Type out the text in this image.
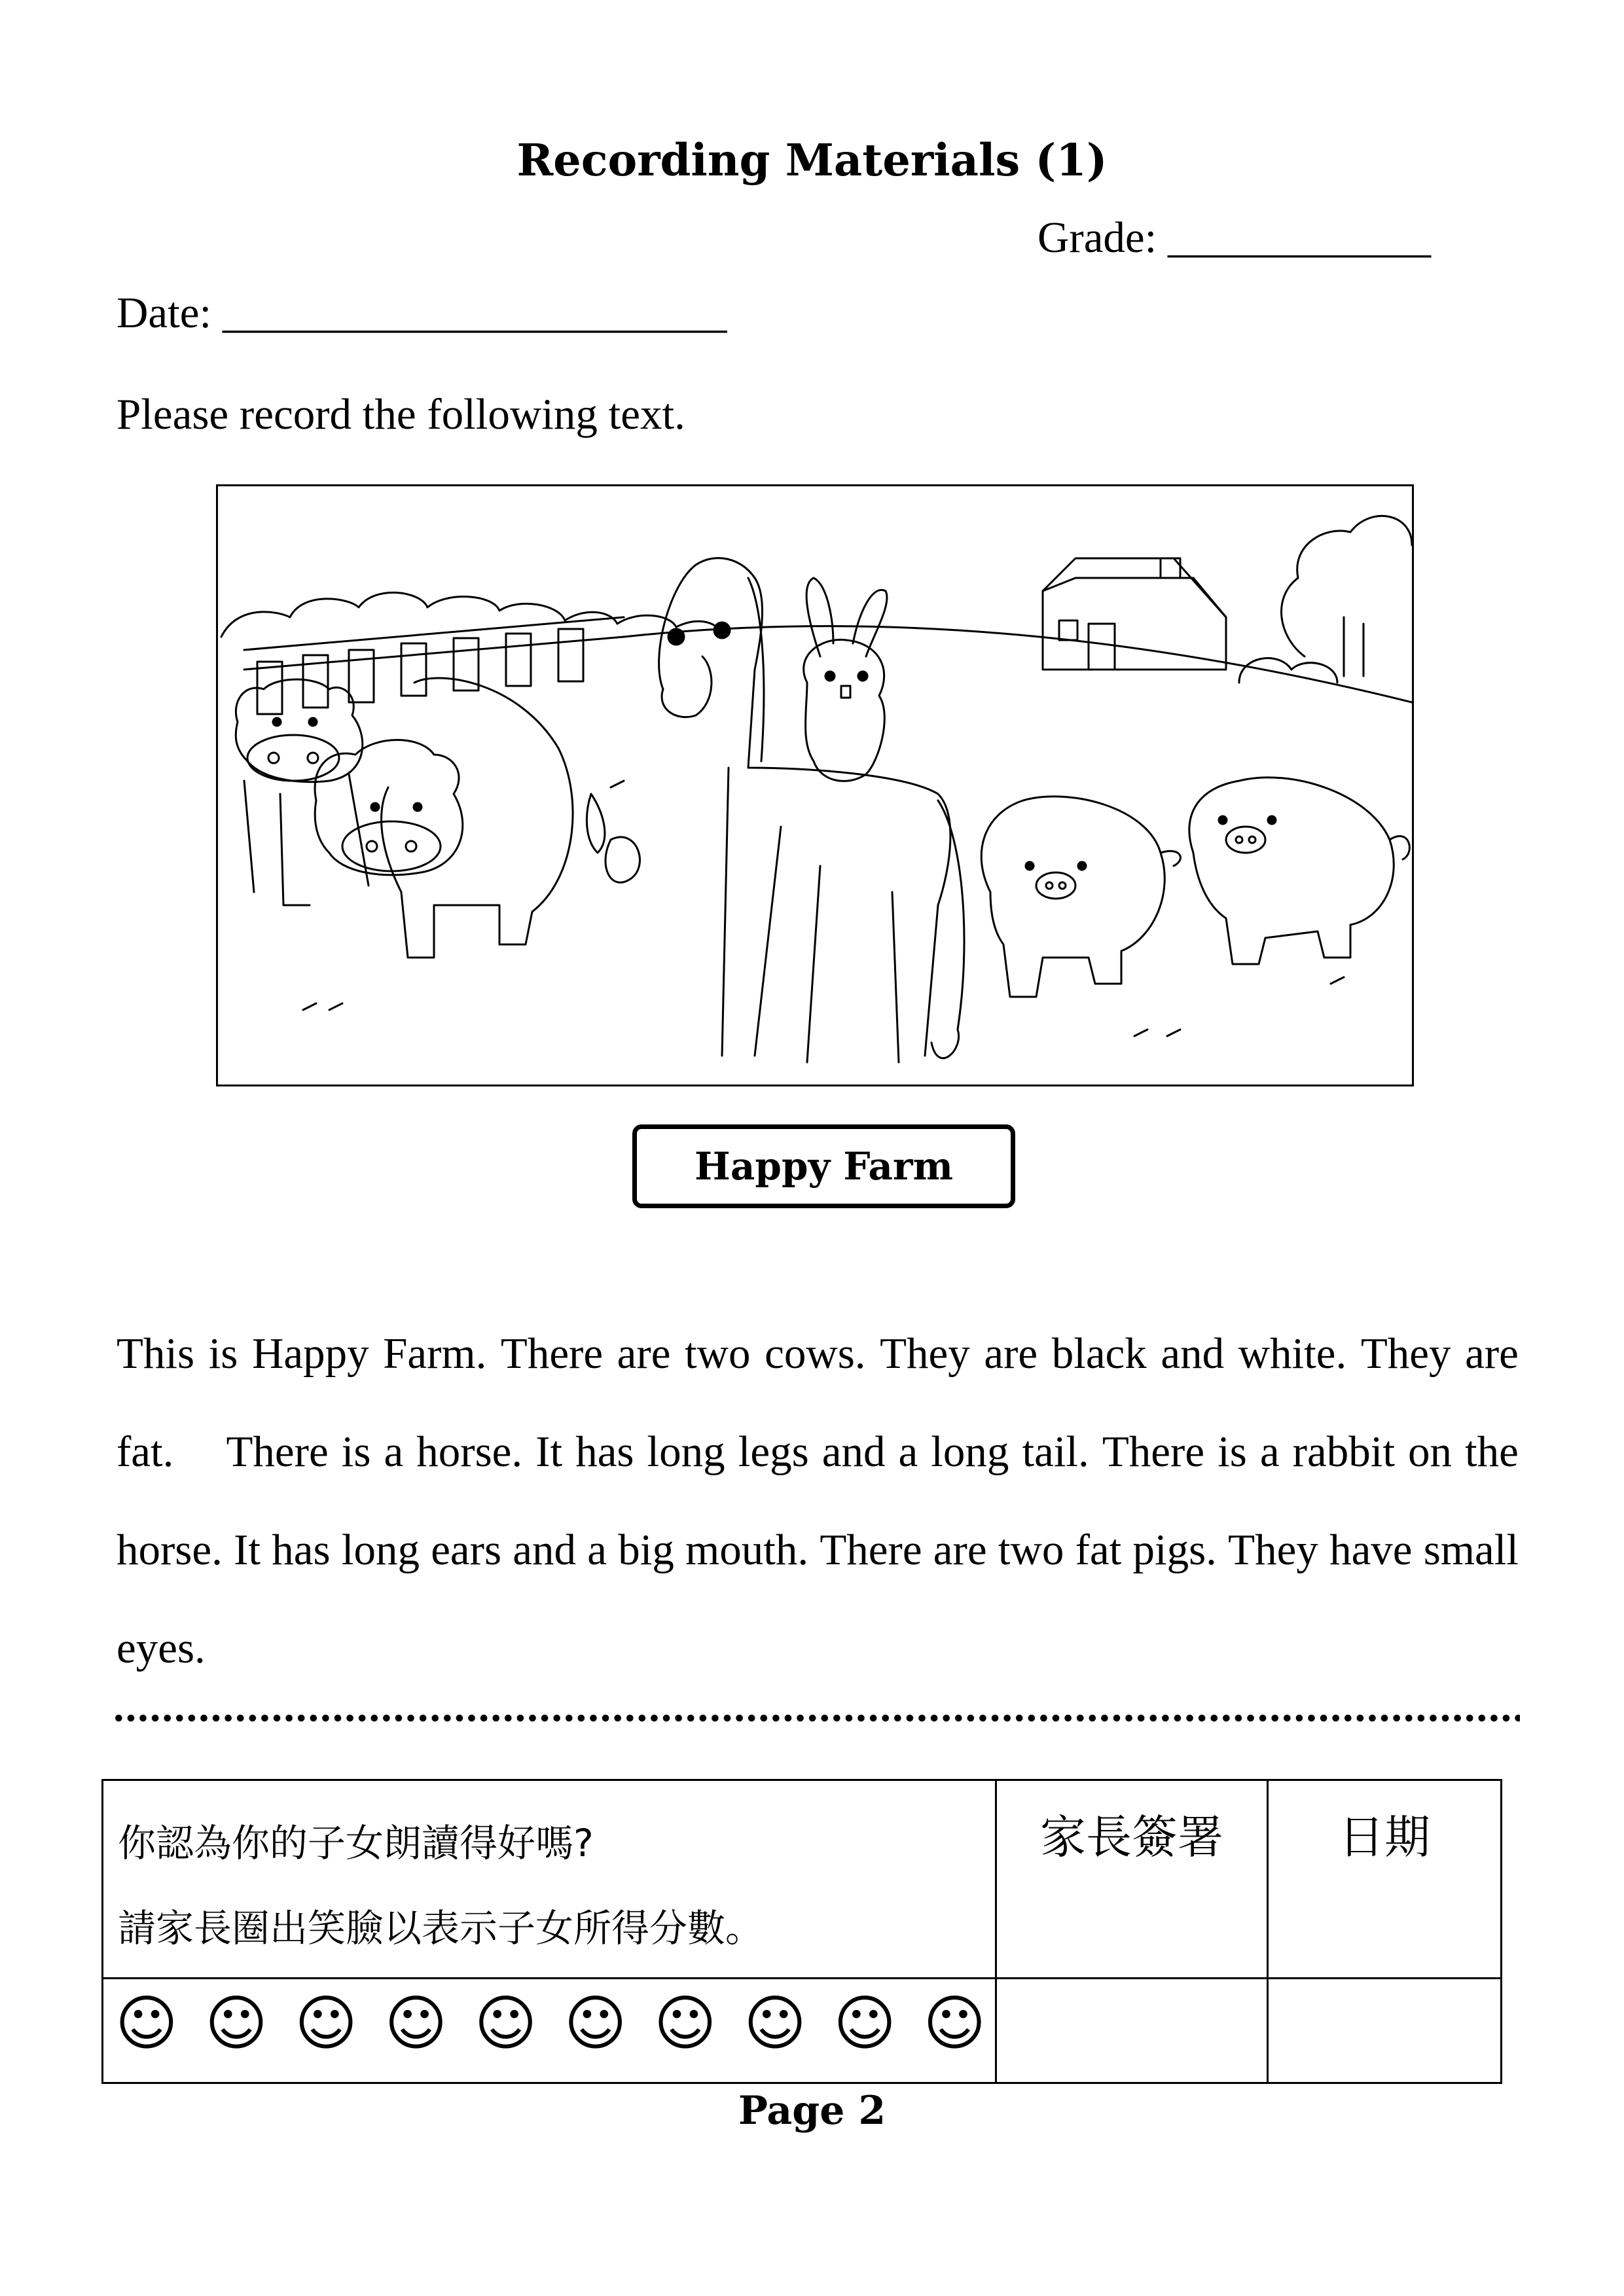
Recording Materials (1)
Grade: ____________
Date: _______________________
Please record the following text.
Happy Farm
This is Happy Farm. There are two cows. They are black and white. They are
fat. There is a horse. It has long legs and a long tail. There is a rabbit on the
horse. It has long ears and a big mouth. There are two fat pigs. They have small
eyes.
你認為你的子女朗讀得好嗎?
請家長圈出笑臉以表示子女所得分數。	家長簽署	日期
☺ ☺ ☺ ☺ ☺ ☺ ☺ ☺ ☺ ☺		
Page 2
